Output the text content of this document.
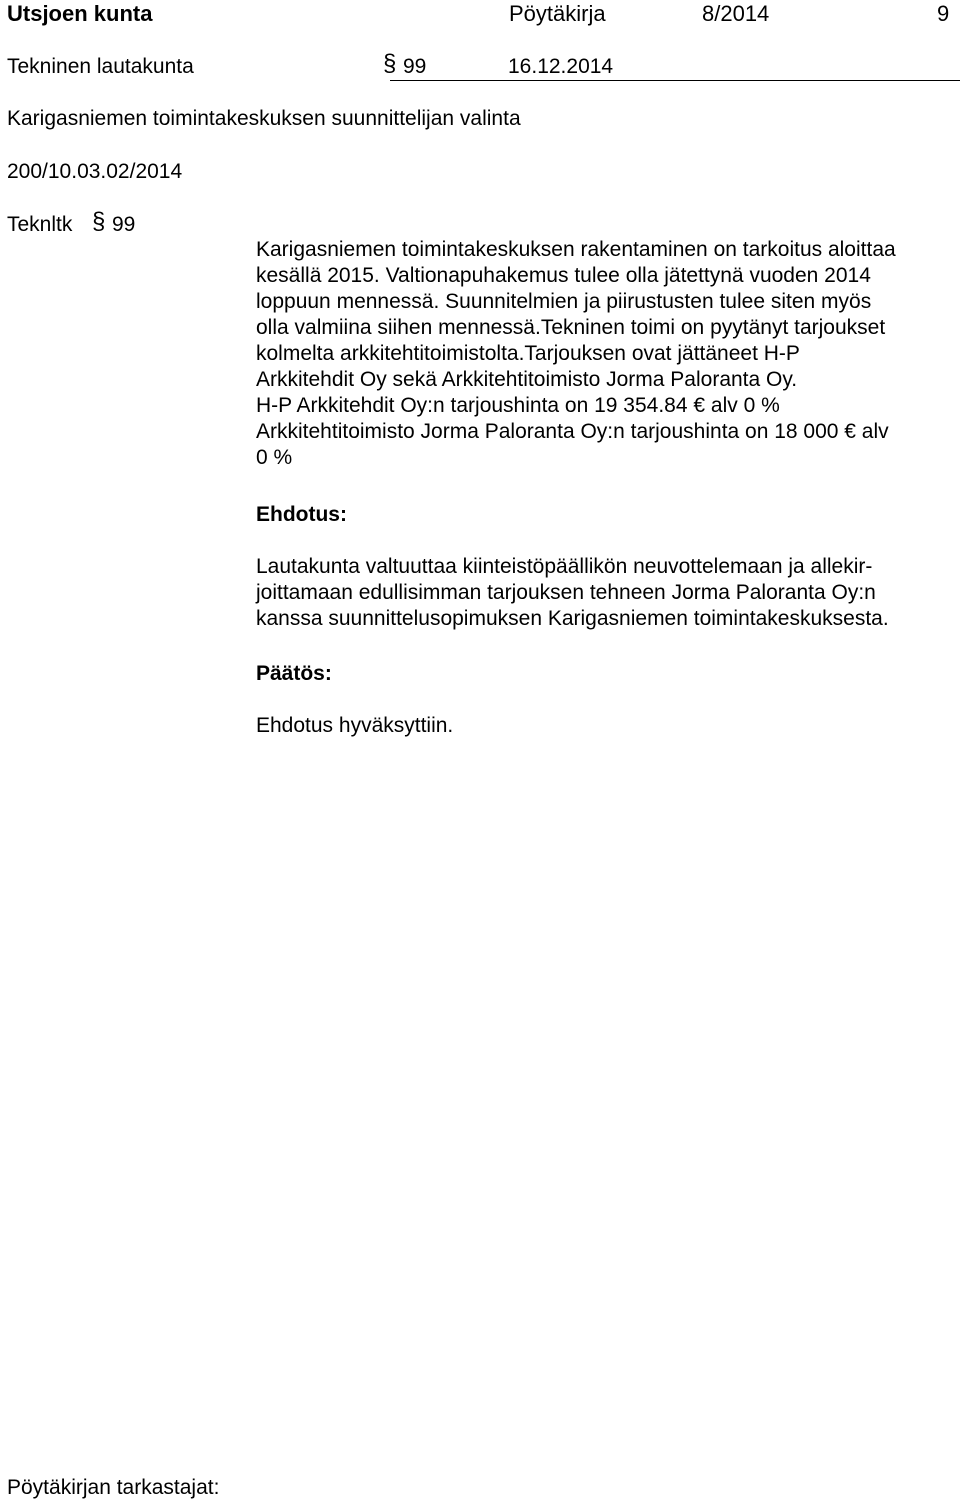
Utsjoen kunta	Pöytäkirja	8/2014	9
Tekninen lautakunta	§ 99	16.12.2014
Karigasniemen toimintakeskuksen suunnittelijan valinta
200/10.03.02/2014
Teknltk § 99
Karigasniemen toimintakeskuksen rakentaminen on tarkoitus aloittaa
kesällä 2015. Valtionapuhakemus tulee olla jätettynä vuoden 2014
loppuun mennessä. Suunnitelmien ja piirustusten tulee siten myös
olla valmiina siihen mennessä.Tekninen toimi on pyytänyt tarjoukset
kolmelta arkkitehtitoimistolta.Tarjouksen ovat jättäneet H-P
Arkkitehdit Oy sekä Arkkitehtitoimisto Jorma Paloranta Oy.
H-P Arkkitehdit Oy:n tarjoushinta on 19 354.84 € alv 0 %
Arkkitehtitoimisto Jorma Paloranta Oy:n tarjoushinta on 18 000 € alv
0 %
Ehdotus:
Lautakunta valtuuttaa kiinteistöpäällikön neuvottelemaan ja allekir-
joittamaan edullisimman tarjouksen tehneen Jorma Paloranta Oy:n
kanssa suunnittelusopimuksen Karigasniemen toimintakeskuksesta.
Päätös:
Ehdotus hyväksyttiin.
Pöytäkirjan tarkastajat:
